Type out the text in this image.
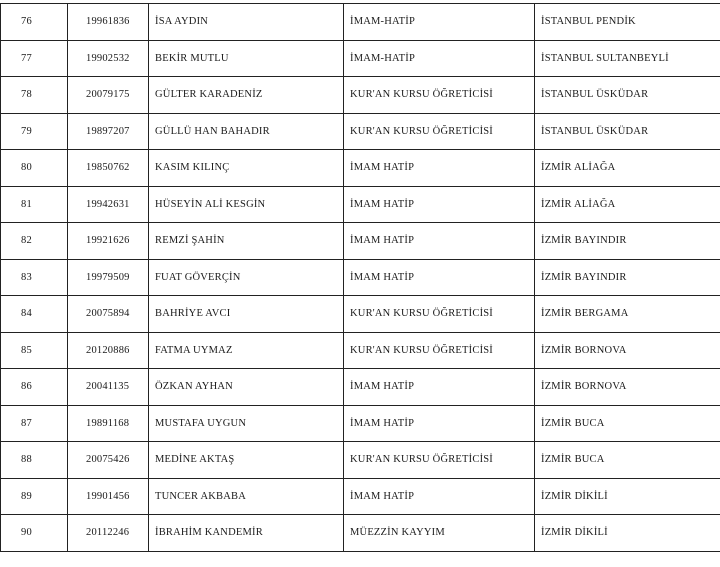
76	19961836	İSA AYDIN	İMAM-HATİP	İSTANBUL PENDİK
77	19902532	BEKİR MUTLU	İMAM-HATİP	İSTANBUL SULTANBEYLİ
78	20079175	GÜLTER KARADENİZ	KUR'AN KURSU ÖĞRETİCİSİ	İSTANBUL ÜSKÜDAR
79	19897207	GÜLLÜ HAN BAHADIR	KUR'AN KURSU ÖĞRETİCİSİ	İSTANBUL ÜSKÜDAR
80	19850762	KASIM KILINÇ	İMAM HATİP	İZMİR ALİAĞA
81	19942631	HÜSEYİN ALİ KESGİN	İMAM HATİP	İZMİR ALİAĞA
82	19921626	REMZİ ŞAHİN	İMAM HATİP	İZMİR BAYINDIR
83	19979509	FUAT GÖVERÇİN	İMAM HATİP	İZMİR BAYINDIR
84	20075894	BAHRİYE AVCI	KUR'AN KURSU ÖĞRETİCİSİ	İZMİR BERGAMA
85	20120886	FATMA UYMAZ	KUR'AN KURSU ÖĞRETİCİSİ	İZMİR BORNOVA
86	20041135	ÖZKAN AYHAN	İMAM HATİP	İZMİR BORNOVA
87	19891168	MUSTAFA UYGUN	İMAM HATİP	İZMİR BUCA
88	20075426	MEDİNE AKTAŞ	KUR'AN KURSU ÖĞRETİCİSİ	İZMİR BUCA
89	19901456	TUNCER AKBABA	İMAM HATİP	İZMİR DİKİLİ
90	20112246	İBRAHİM KANDEMİR	MÜEZZİN KAYYIM	İZMİR DİKİLİ
